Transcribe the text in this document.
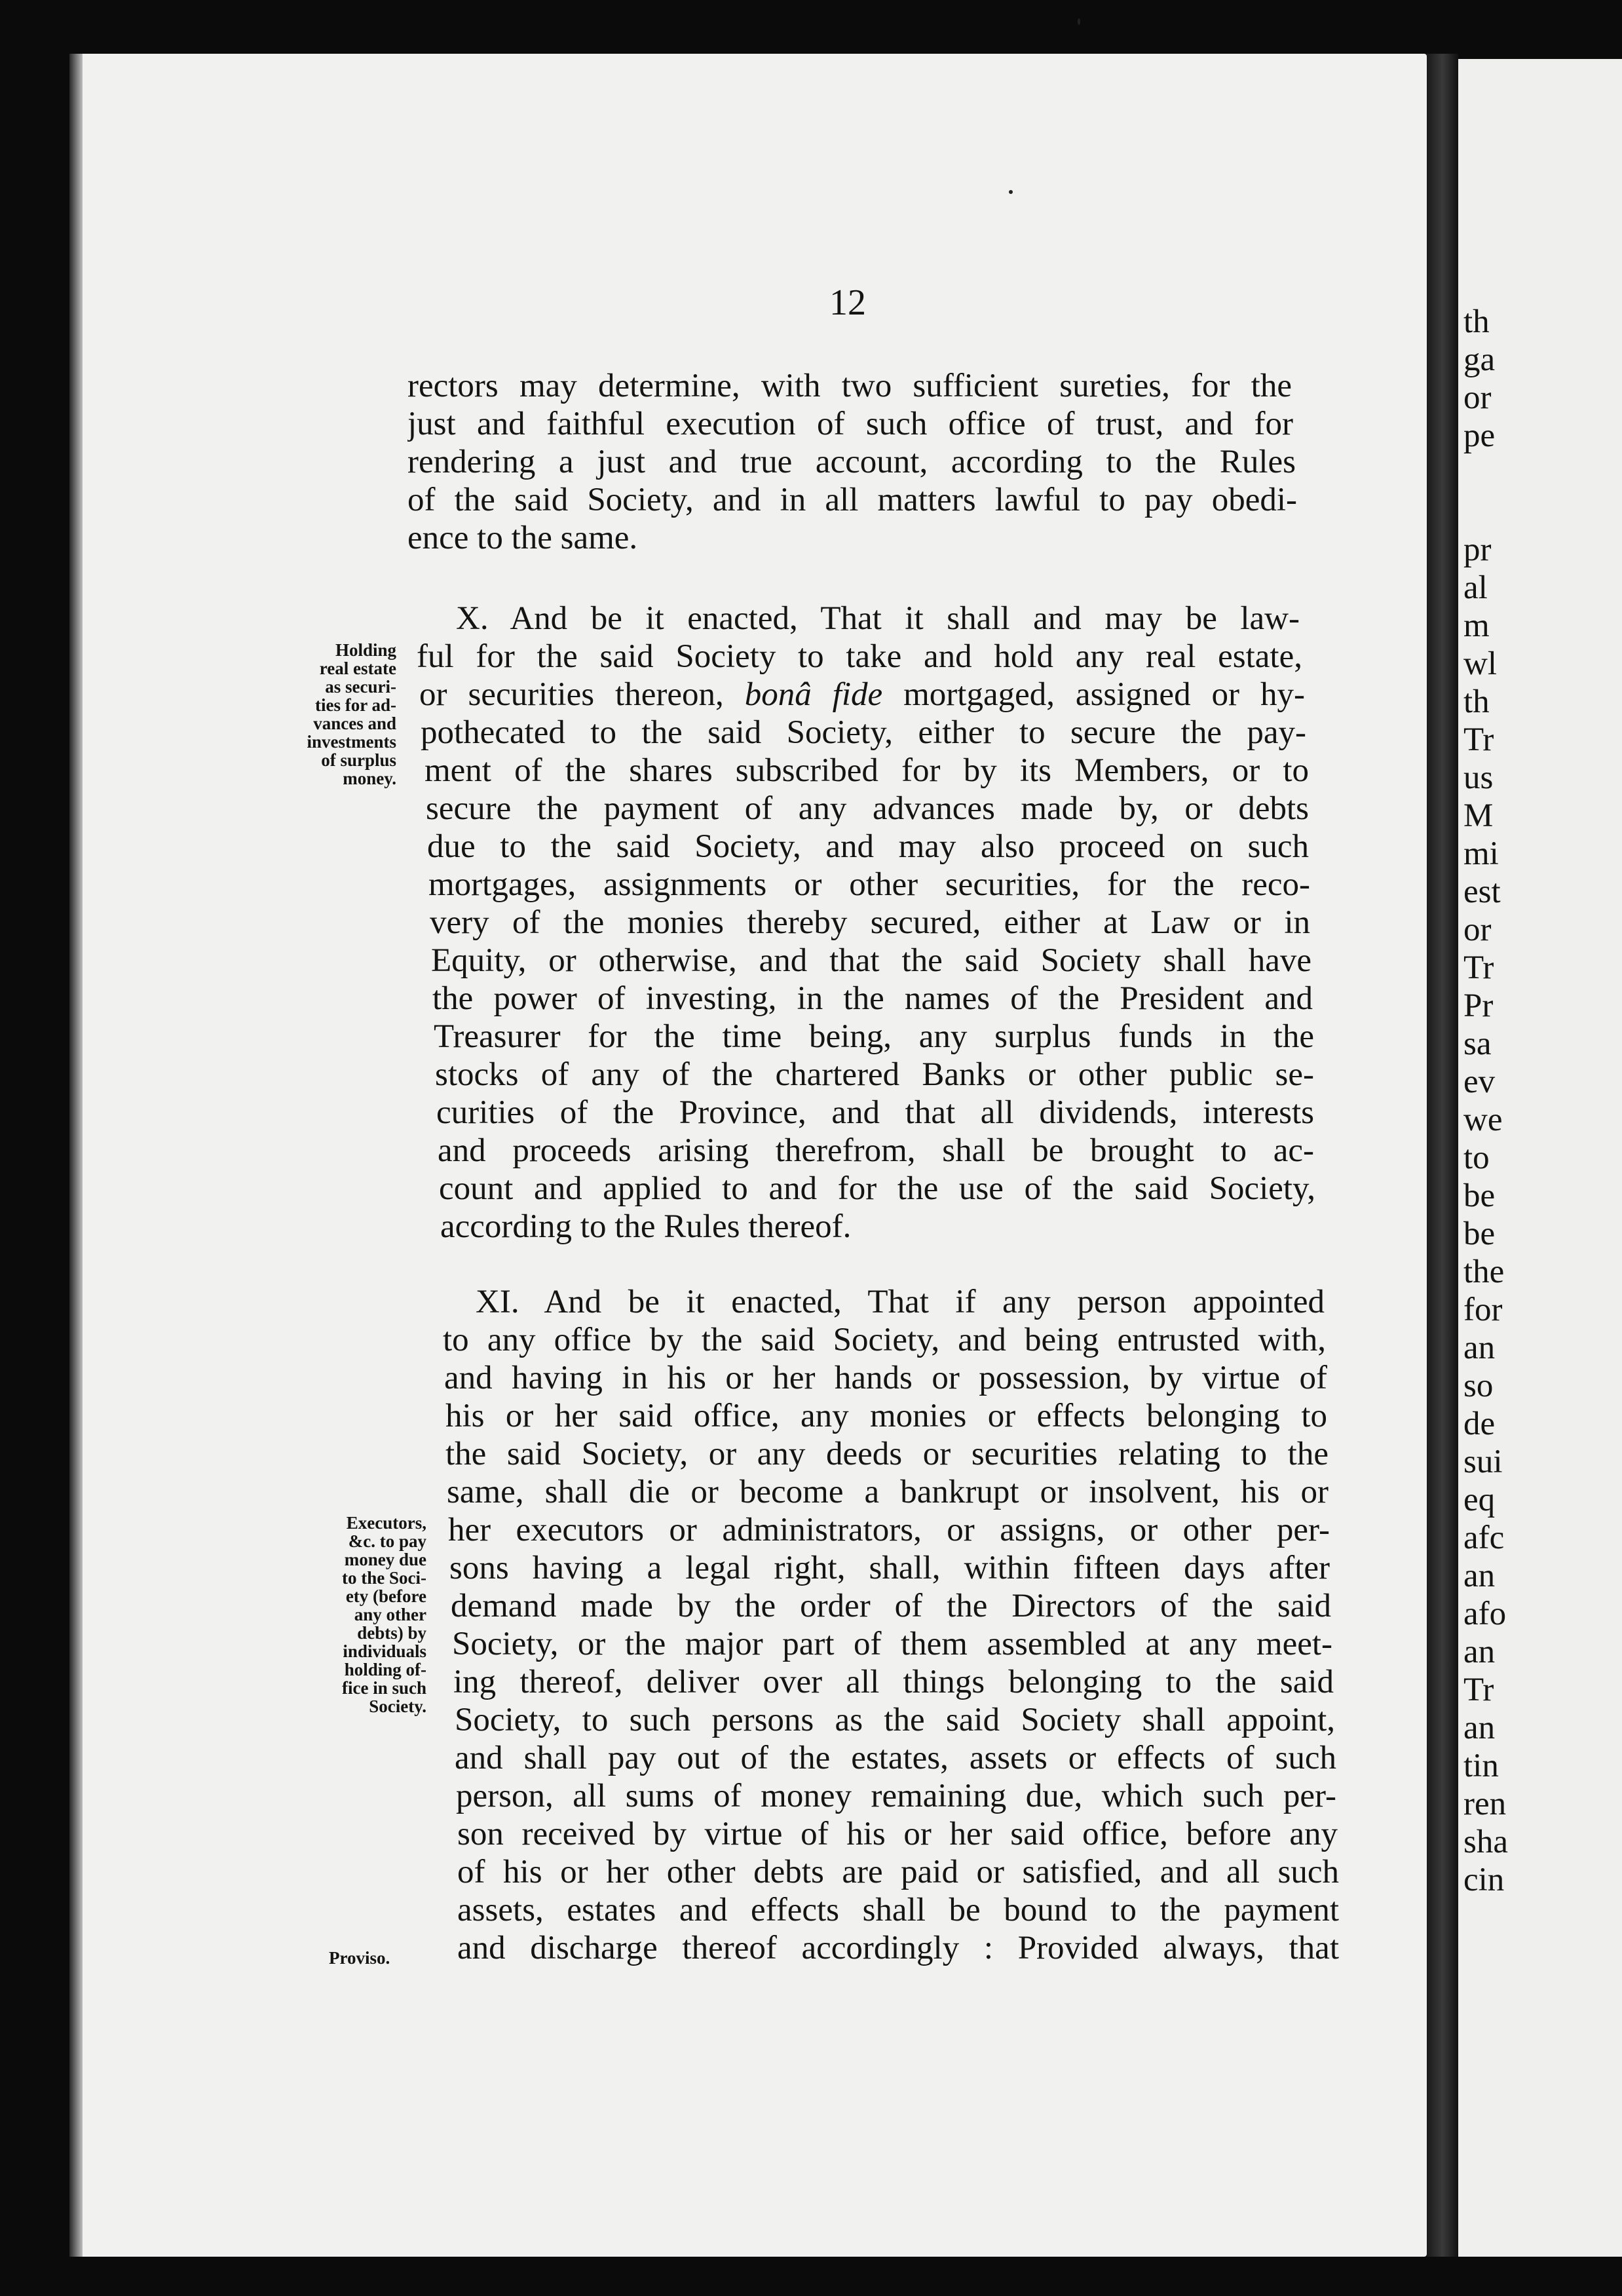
th
ga
or
pe
pr
al
m
wl
th
Tr
us
M
mi
est
or
Tr
Pr
sa
ev
we
to
be
be
the
for
an
so
de
sui
eq
afc
an
afo
an
Tr
an
tin
ren
sha
cin
12
rectors may determine, with two sufficient sureties, for the
just and faithful execution of such office of trust, and for
rendering a just and true account, according to the Rules
of the said Society, and in all matters lawful to pay obedi-
ence to the same.
X. And be it enacted, That it shall and may be law-
ful for the said Society to take and hold any real estate,
or securities thereon, bonâ fide mortgaged, assigned or hy-
pothecated to the said Society, either to secure the pay-
ment of the shares subscribed for by its Members, or to
secure the payment of any advances made by, or debts
due to the said Society, and may also proceed on such
mortgages, assignments or other securities, for the reco-
very of the monies thereby secured, either at Law or in
Equity, or otherwise, and that the said Society shall have
the power of investing, in the names of the President and
Treasurer for the time being, any surplus funds in the
stocks of any of the chartered Banks or other public se-
curities of the Province, and that all dividends, interests
and proceeds arising therefrom, shall be brought to ac-
count and applied to and for the use of the said Society,
according to the Rules thereof.
XI. And be it enacted, That if any person appointed
to any office by the said Society, and being entrusted with,
and having in his or her hands or possession, by virtue of
his or her said office, any monies or effects belonging to
the said Society, or any deeds or securities relating to the
same, shall die or become a bankrupt or insolvent, his or
her executors or administrators, or assigns, or other per-
sons having a legal right, shall, within fifteen days after
demand made by the order of the Directors of the said
Society, or the major part of them assembled at any meet-
ing thereof, deliver over all things belonging to the said
Society, to such persons as the said Society shall appoint,
and shall pay out of the estates, assets or effects of such
person, all sums of money remaining due, which such per-
son received by virtue of his or her said office, before any
of his or her other debts are paid or satisfied, and all such
assets, estates and effects shall be bound to the payment
and discharge thereof accordingly : Provided always, that
Holding
real estate
as securi-
ties for ad-
vances and
investments
of surplus
money.
Executors,
&c. to pay
money due
to the Soci-
ety (before
any other
debts) by
individuals
holding of-
fice in such
Society.
Proviso.
